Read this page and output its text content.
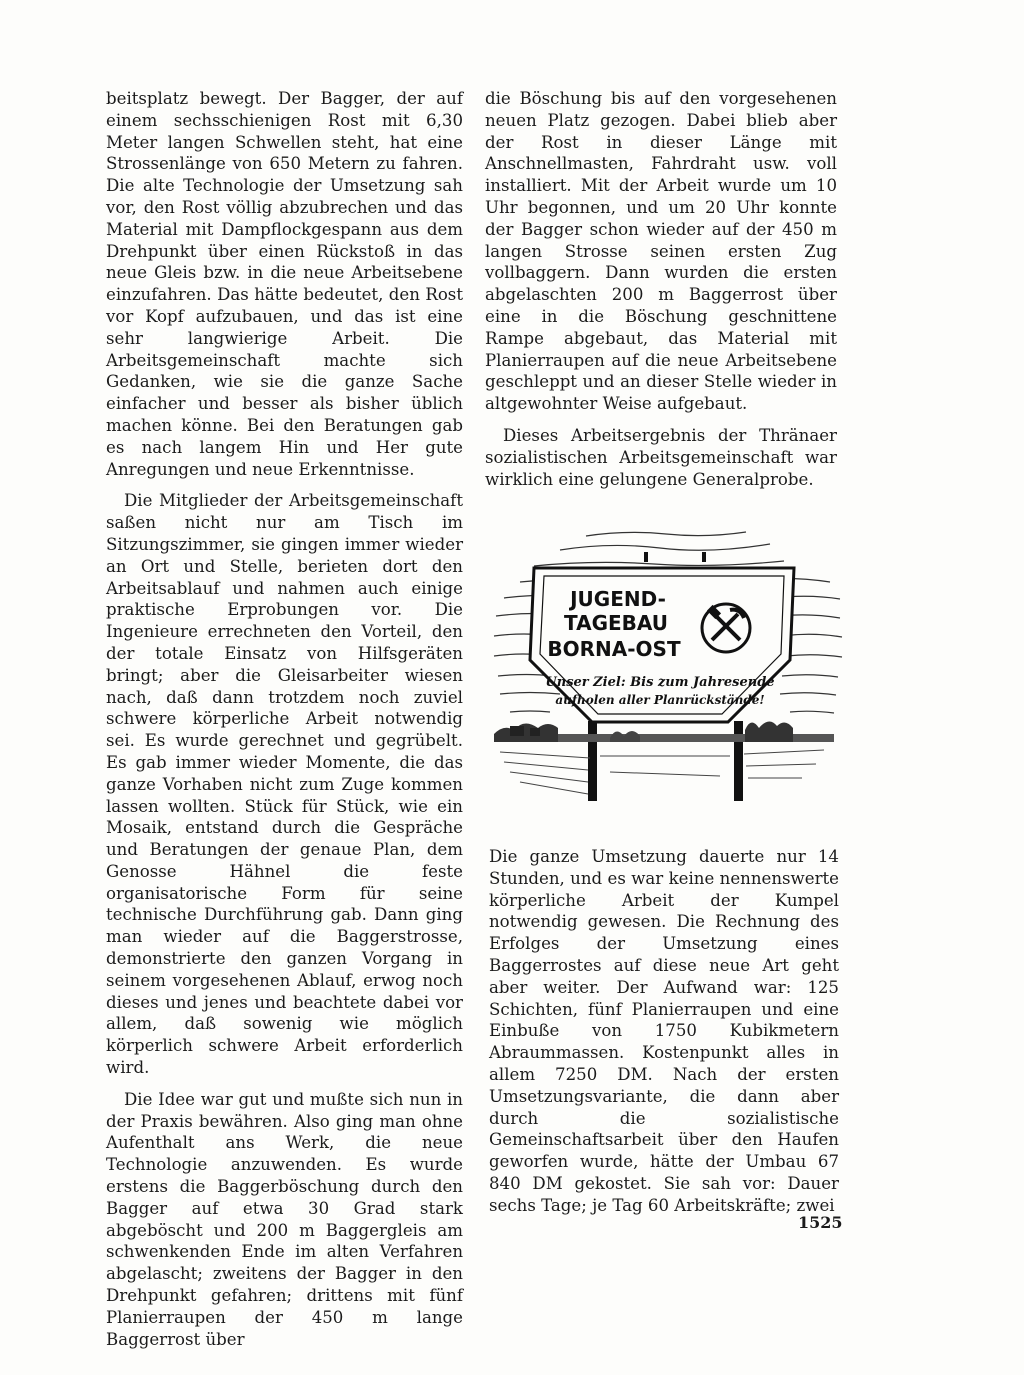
beitsplatz bewegt. Der Bagger, der auf einem sechsschienigen Rost mit 6,30 Meter langen Schwellen steht, hat eine Strossenlänge von 650 Metern zu fahren. Die alte Technologie der Umsetzung sah vor, den Rost völlig abzubrechen und das Material mit Dampflockgespann aus dem Drehpunkt über einen Rückstoß in das neue Gleis bzw. in die neue Arbeitsebene einzufahren. Das hätte bedeutet, den Rost vor Kopf aufzubauen, und das ist eine sehr langwierige Arbeit. Die Arbeitsgemeinschaft machte sich Gedanken, wie sie die ganze Sache einfacher und besser als bisher üblich machen könne. Bei den Beratungen gab es nach langem Hin und Her gute Anregungen und neue Erkenntnisse.

Die Mitglieder der Arbeitsgemeinschaft saßen nicht nur am Tisch im Sitzungszimmer, sie gingen immer wieder an Ort und Stelle, berieten dort den Arbeitsablauf und nahmen auch einige praktische Erprobungen vor. Die Ingenieure errechneten den Vorteil, den der totale Einsatz von Hilfsgeräten bringt; aber die Gleisarbeiter wiesen nach, daß dann trotzdem noch zuviel schwere körperliche Arbeit notwendig sei. Es wurde gerechnet und gegrübelt. Es gab immer wieder Momente, die das ganze Vorhaben nicht zum Zuge kommen lassen wollten. Stück für Stück, wie ein Mosaik, entstand durch die Gespräche und Beratungen der genaue Plan, dem Genosse Hähnel die feste organisatorische Form für seine technische Durchführung gab. Dann ging man wieder auf die Baggerstrosse, demonstrierte den ganzen Vorgang in seinem vorgesehenen Ablauf, erwog noch dieses und jenes und beachtete dabei vor allem, daß sowenig wie möglich körperlich schwere Arbeit erforderlich wird.

Die Idee war gut und mußte sich nun in der Praxis bewähren. Also ging man ohne Aufenthalt ans Werk, die neue Technologie anzuwenden. Es wurde erstens die Baggerböschung durch den Bagger auf etwa 30 Grad stark abgeböscht und 200 m Baggergleis am schwenkenden Ende im alten Verfahren abgelascht; zweitens der Bagger in den Drehpunkt gefahren; drittens mit fünf Planierraupen der 450 m lange Baggerrost über

die Böschung bis auf den vorgesehenen neuen Platz gezogen. Dabei blieb aber der Rost in dieser Länge mit Anschnellmasten, Fahrdraht usw. voll installiert. Mit der Arbeit wurde um 10 Uhr begonnen, und um 20 Uhr konnte der Bagger schon wieder auf der 450 m langen Strosse seinen ersten Zug vollbaggern. Dann wurden die ersten abgelaschten 200 m Baggerrost über eine in die Böschung geschnittene Rampe abgebaut, das Material mit Planierraupen auf die neue Arbeitsebene geschleppt und an dieser Stelle wieder in altgewohnter Weise aufgebaut.

Dieses Arbeitsergebnis der Thränaer sozialistischen Arbeitsgemeinschaft war wirklich eine gelungene Generalprobe.

JUGEND-
TAGEBAU
BORNA-OST
Unser Ziel: Bis zum Jahresende
aufholen aller Planrückstände!

Die ganze Umsetzung dauerte nur 14 Stunden, und es war keine nennenswerte körperliche Arbeit der Kumpel notwendig gewesen. Die Rechnung des Erfolges der Umsetzung eines Baggerrostes auf diese neue Art geht aber weiter. Der Aufwand war: 125 Schichten, fünf Planierraupen und eine Einbuße von 1750 Kubikmetern Abraummassen. Kostenpunkt alles in allem 7250 DM. Nach der ersten Umsetzungsvariante, die dann aber durch die sozialistische Gemeinschaftsarbeit über den Haufen geworfen wurde, hätte der Umbau 67 840 DM gekostet. Sie sah vor: Dauer sechs Tage; je Tag 60 Arbeitskräfte; zwei

1525
